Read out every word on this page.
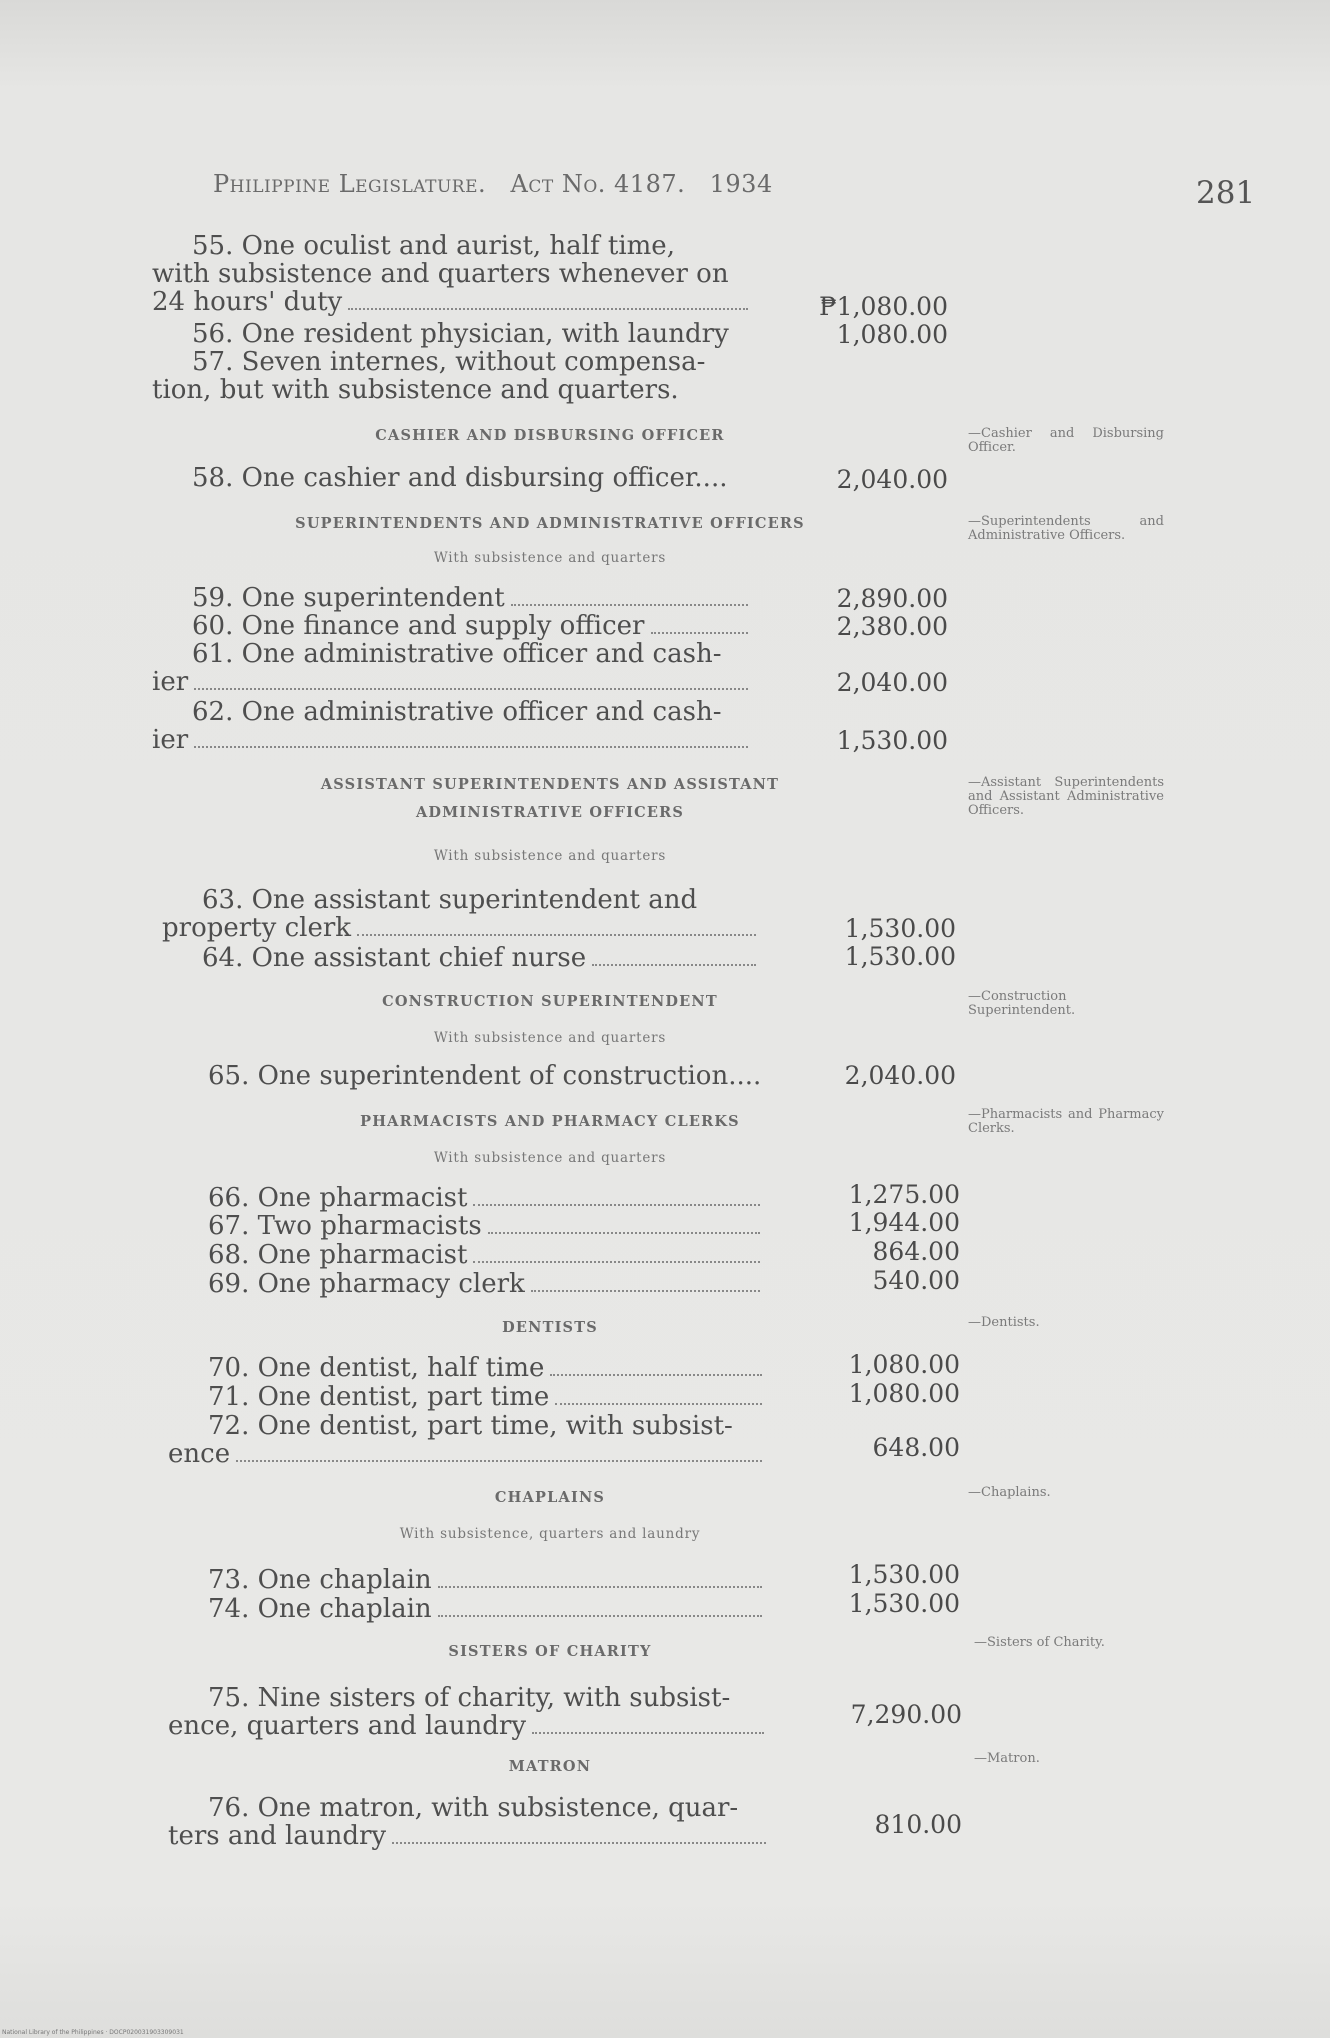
Philippine Legislature. Act No. 4187. 1934	281
55. One oculist and aurist, half time,
with subsistence and quarters whenever on
24 hours' duty	₱1,080.00
56. One resident physician, with laundry	1,080.00
57. Seven internes, without compensa-
tion, but with subsistence and quarters.
CASHIER AND DISBURSING OFFICER	—Cashier and Disbursing Officer.
58. One cashier and disbursing officer....	2,040.00
SUPERINTENDENTS AND ADMINISTRATIVE OFFICERS
With subsistence and quarters
—Superintendents and Administrative Officers.
59. One superintendent	2,890.00
60. One finance and supply officer	2,380.00
61. One administrative officer and cash-
ier	2,040.00
62. One administrative officer and cash-
ier	1,530.00
ASSISTANT SUPERINTENDENTS AND ASSISTANT
ADMINISTRATIVE OFFICERS
With subsistence and quarters
—Assistant Superintendents and Assistant Administrative Officers.
63. One assistant superintendent and
property clerk	1,530.00
64. One assistant chief nurse	1,530.00
CONSTRUCTION SUPERINTENDENT
With subsistence and quarters
—Construction Superintendent.
65. One superintendent of construction....	2,040.00
PHARMACISTS AND PHARMACY CLERKS
With subsistence and quarters
—Pharmacists and Pharmacy Clerks.
66. One pharmacist	1,275.00
67. Two pharmacists	1,944.00
68. One pharmacist	864.00
69. One pharmacy clerk	540.00
DENTISTS	—Dentists.
70. One dentist, half time	1,080.00
71. One dentist, part time	1,080.00
72. One dentist, part time, with subsist-
ence	648.00
CHAPLAINS
With subsistence, quarters and laundry
—Chaplains.
73. One chaplain	1,530.00
74. One chaplain	1,530.00
SISTERS OF CHARITY
—Sisters of Charity.
75. Nine sisters of charity, with subsist-
ence, quarters and laundry	7,290.00
MATRON	—Matron.
76. One matron, with subsistence, quar-
ters and laundry	810.00
National Library of the Philippines · DOCP020031903309031
